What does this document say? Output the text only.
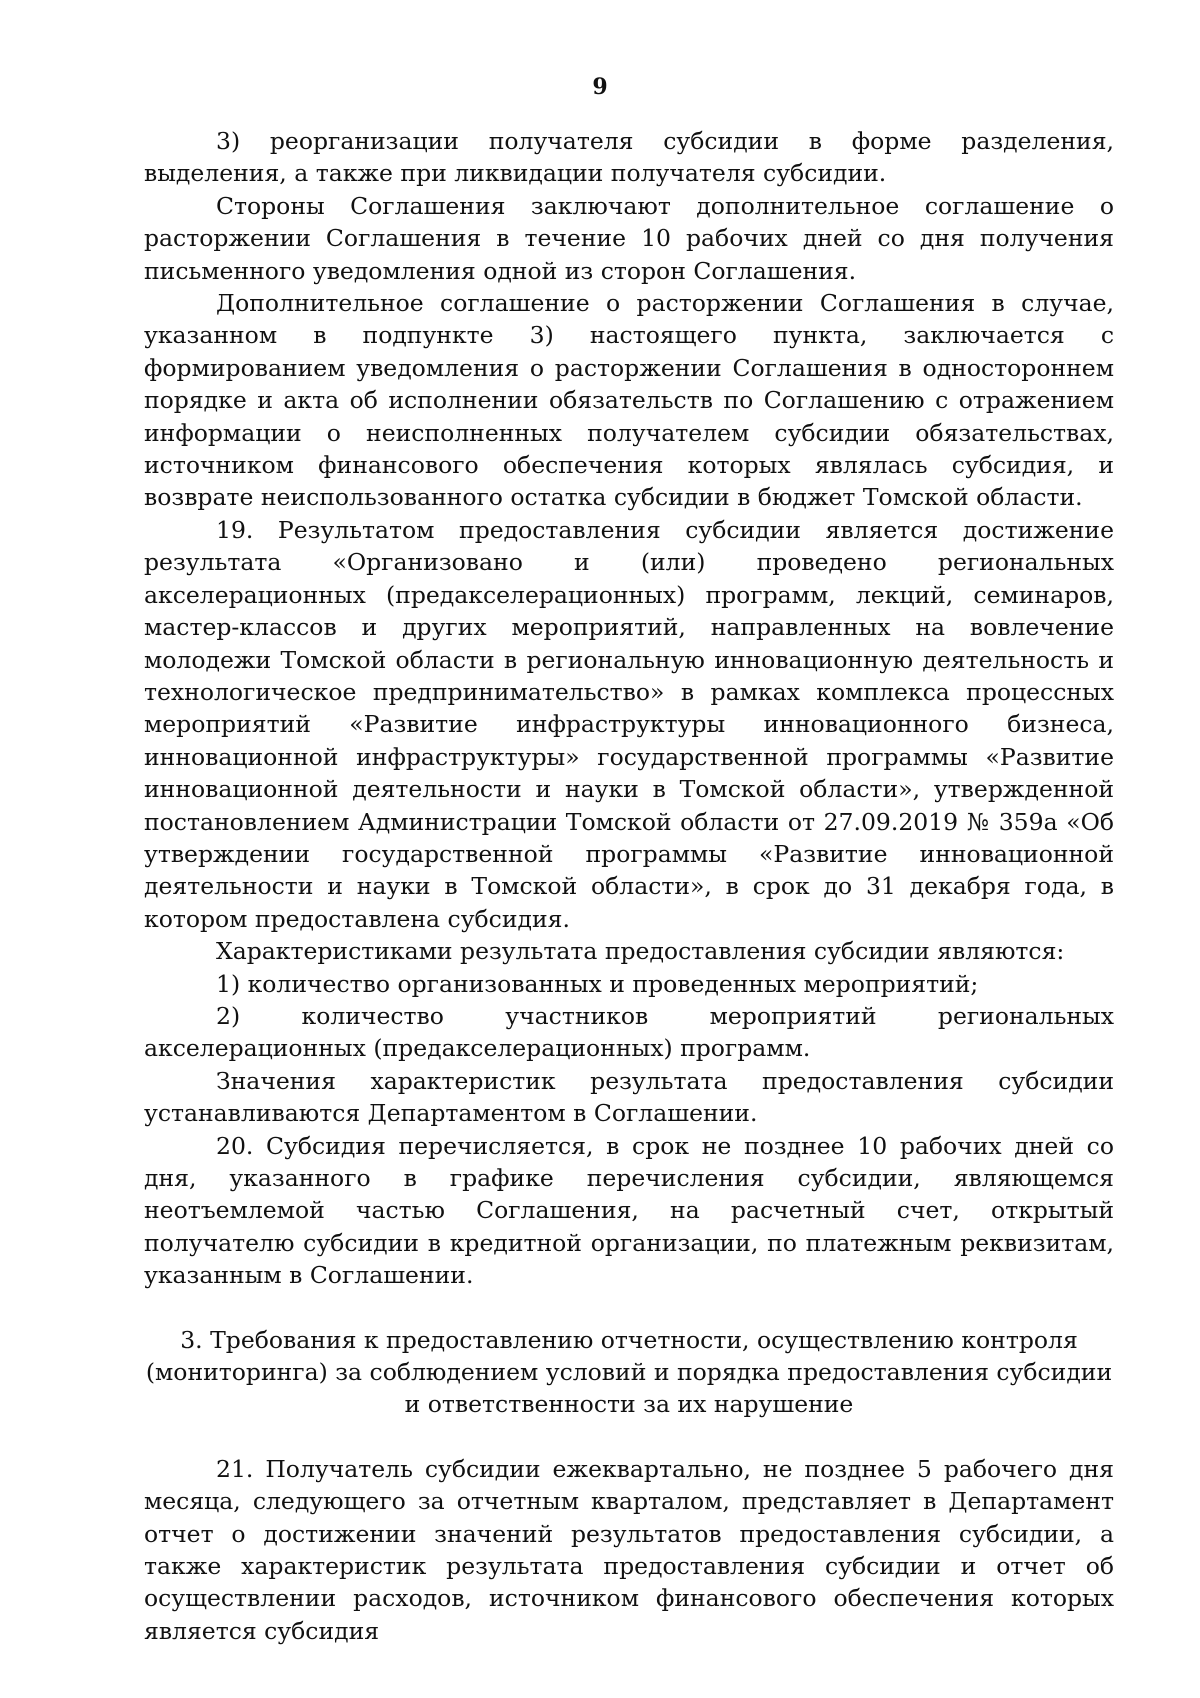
9

3) реорганизации получателя субсидии в форме разделения, выделения, а также при ликвидации получателя субсидии.

Стороны Соглашения заключают дополнительное соглашение о расторжении Соглашения в течение 10 рабочих дней со дня получения письменного уведомления одной из сторон Соглашения.

Дополнительное соглашение о расторжении Соглашения в случае, указанном в подпункте 3) настоящего пункта, заключается с формированием уведомления о расторжении Соглашения в одностороннем порядке и акта об исполнении обязательств по Соглашению с отражением информации о неисполненных получателем субсидии обязательствах, источником финансового обеспечения которых являлась субсидия, и возврате неиспользованного остатка субсидии в бюджет Томской области.

19. Результатом предоставления субсидии является достижение результата «Организовано и (или) проведено региональных акселерационных (предакселерационных) программ, лекций, семинаров, мастер-классов и других мероприятий, направленных на вовлечение молодежи Томской области в региональную инновационную деятельность и технологическое предпринимательство» в рамках комплекса процессных мероприятий «Развитие инфраструктуры инновационного бизнеса, инновационной инфраструктуры» государственной программы «Развитие инновационной деятельности и науки в Томской области», утвержденной постановлением Администрации Томской области от 27.09.2019 № 359а «Об утверждении государственной программы «Развитие инновационной деятельности и науки в Томской области», в срок до 31 декабря года, в котором предоставлена субсидия.

Характеристиками результата предоставления субсидии являются:

1) количество организованных и проведенных мероприятий;

2) количество участников мероприятий региональных акселерационных (предакселерационных) программ.

Значения характеристик результата предоставления субсидии устанавливаются Департаментом в Соглашении.

20. Субсидия перечисляется, в срок не позднее 10 рабочих дней со дня, указанного в графике перечисления субсидии, являющемся неотъемлемой частью Соглашения, на расчетный счет, открытый получателю субсидии в кредитной организации, по платежным реквизитам, указанным в Соглашении.

3. Требования к предоставлению отчетности, осуществлению контроля
(мониторинга) за соблюдением условий и порядка предоставления субсидии
и ответственности за их нарушение

21. Получатель субсидии ежеквартально, не позднее 5 рабочего дня месяца, следующего за отчетным кварталом, представляет в Департамент отчет о достижении значений результатов предоставления субсидии, а также характеристик результата предоставления субсидии и отчет об осуществлении расходов, источником финансового обеспечения которых является субсидия
